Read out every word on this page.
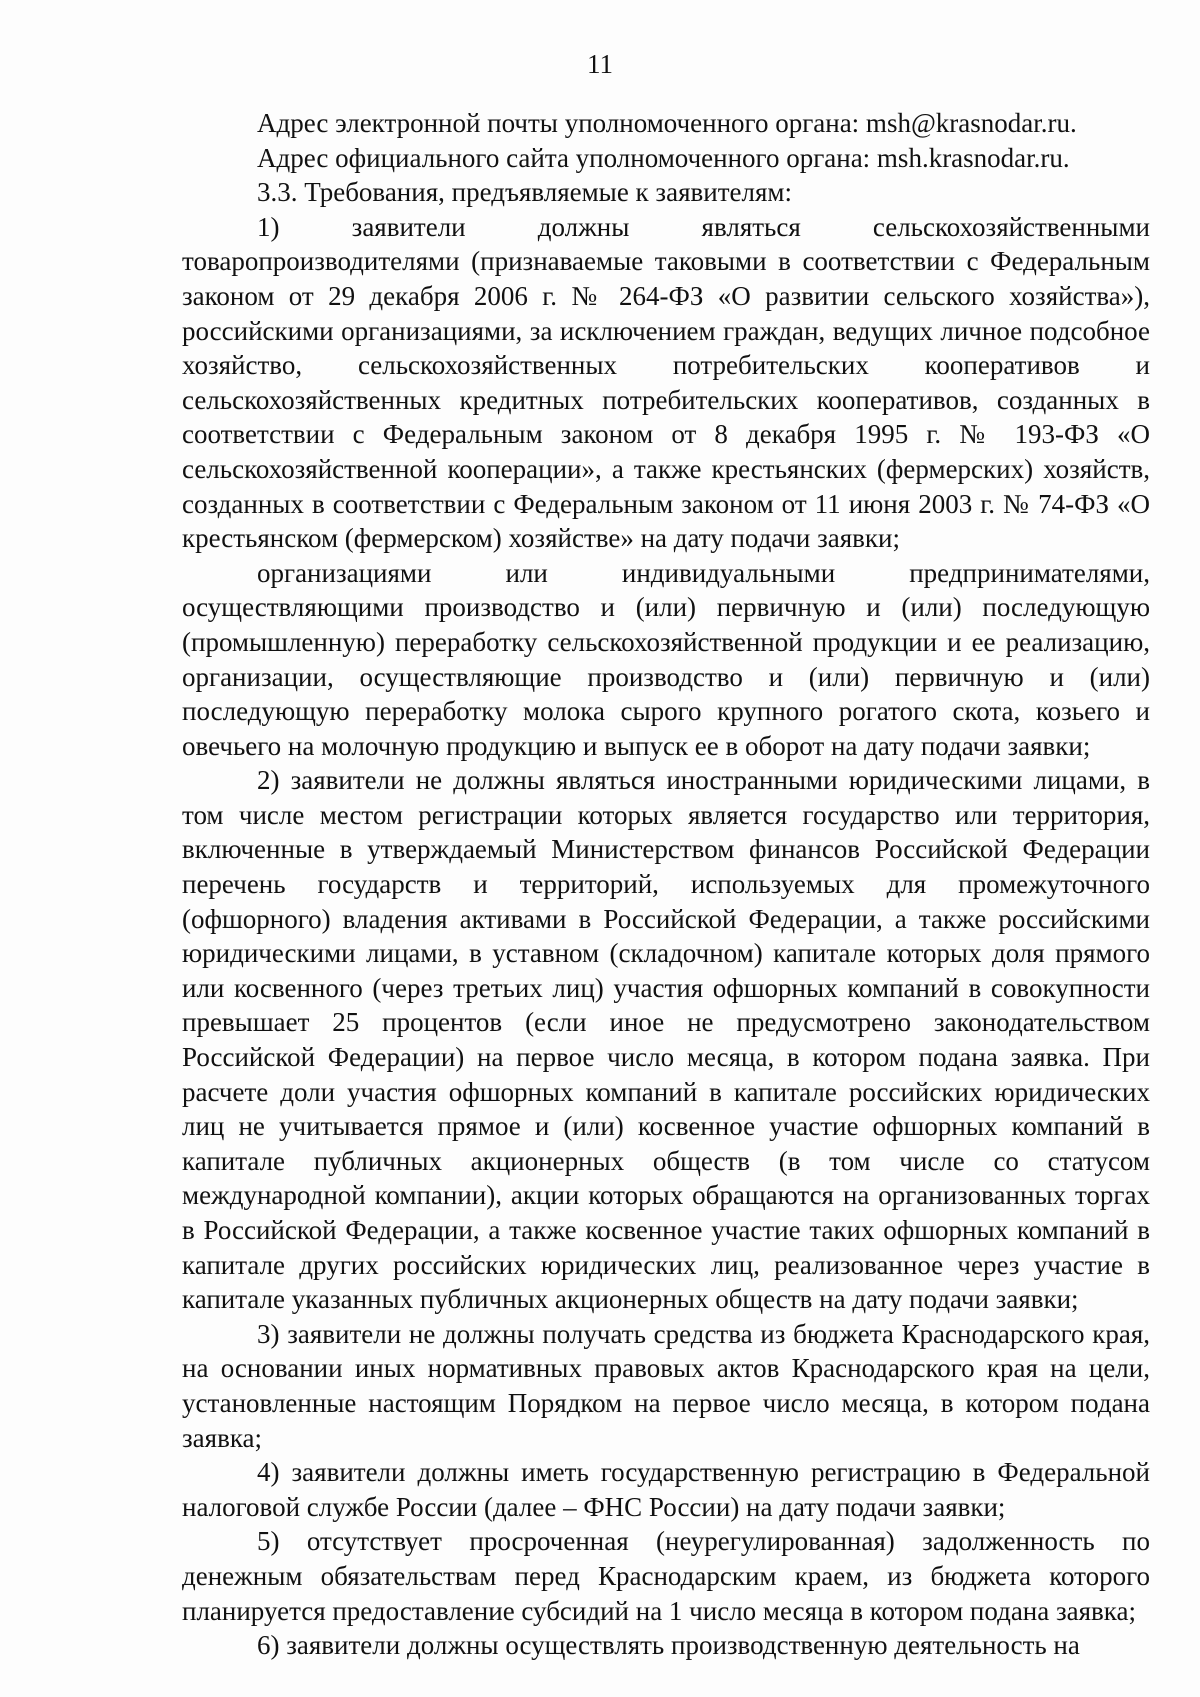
11

Адрес электронной почты уполномоченного органа: msh@krasnodar.ru.

Адрес официального сайта уполномоченного органа: msh.krasnodar.ru.

3.3. Требования, предъявляемые к заявителям:

1) заявители должны являться сельскохозяйственными товаропроизводителями (признаваемые таковыми в соответствии с Федеральным законом от 29 декабря 2006 г. № 264-ФЗ «О развитии сельского хозяйства»), российскими организациями, за исключением граждан, ведущих личное подсобное хозяйство, сельскохозяйственных потребительских кооперативов и сельскохозяйственных кредитных потребительских кооперативов, созданных в соответствии с Федеральным законом от 8 декабря 1995 г. № 193-ФЗ «О сельскохозяйственной кооперации», а также крестьянских (фермерских) хозяйств, созданных в соответствии с Федеральным законом от 11 июня 2003 г. № 74-ФЗ «О крестьянском (фермерском) хозяйстве» на дату подачи заявки;

организациями или индивидуальными предпринимателями, осуществляющими производство и (или) первичную и (или) последующую (промышленную) переработку сельскохозяйственной продукции и ее реализацию, организации, осуществляющие производство и (или) первичную и (или) последующую переработку молока сырого крупного рогатого скота, козьего и овечьего на молочную продукцию и выпуск ее в оборот на дату подачи заявки;

2) заявители не должны являться иностранными юридическими лицами, в том числе местом регистрации которых является государство или территория, включенные в утверждаемый Министерством финансов Российской Федерации перечень государств и территорий, используемых для промежуточного (офшорного) владения активами в Российской Федерации, а также российскими юридическими лицами, в уставном (складочном) капитале которых доля прямого или косвенного (через третьих лиц) участия офшорных компаний в совокупности превышает 25 процентов (если иное не предусмотрено законодательством Российской Федерации) на первое число месяца, в котором подана заявка. При расчете доли участия офшорных компаний в капитале российских юридических лиц не учитывается прямое и (или) косвенное участие офшорных компаний в капитале публичных акционерных обществ (в том числе со статусом международной компании), акции которых обращаются на организованных торгах в Российской Федерации, а также косвенное участие таких офшорных компаний в капитале других российских юридических лиц, реализованное через участие в капитале указанных публичных акционерных обществ на дату подачи заявки;

3) заявители не должны получать средства из бюджета Краснодарского края, на основании иных нормативных правовых актов Краснодарского края на цели, установленные настоящим Порядком на первое число месяца, в котором подана заявка;

4) заявители должны иметь государственную регистрацию в Федеральной налоговой службе России (далее – ФНС России) на дату подачи заявки;

5) отсутствует просроченная (неурегулированная) задолженность по денежным обязательствам перед Краснодарским краем, из бюджета которого планируется предоставление субсидий на 1 число месяца в котором подана заявка;

6) заявители должны осуществлять производственную деятельность на
